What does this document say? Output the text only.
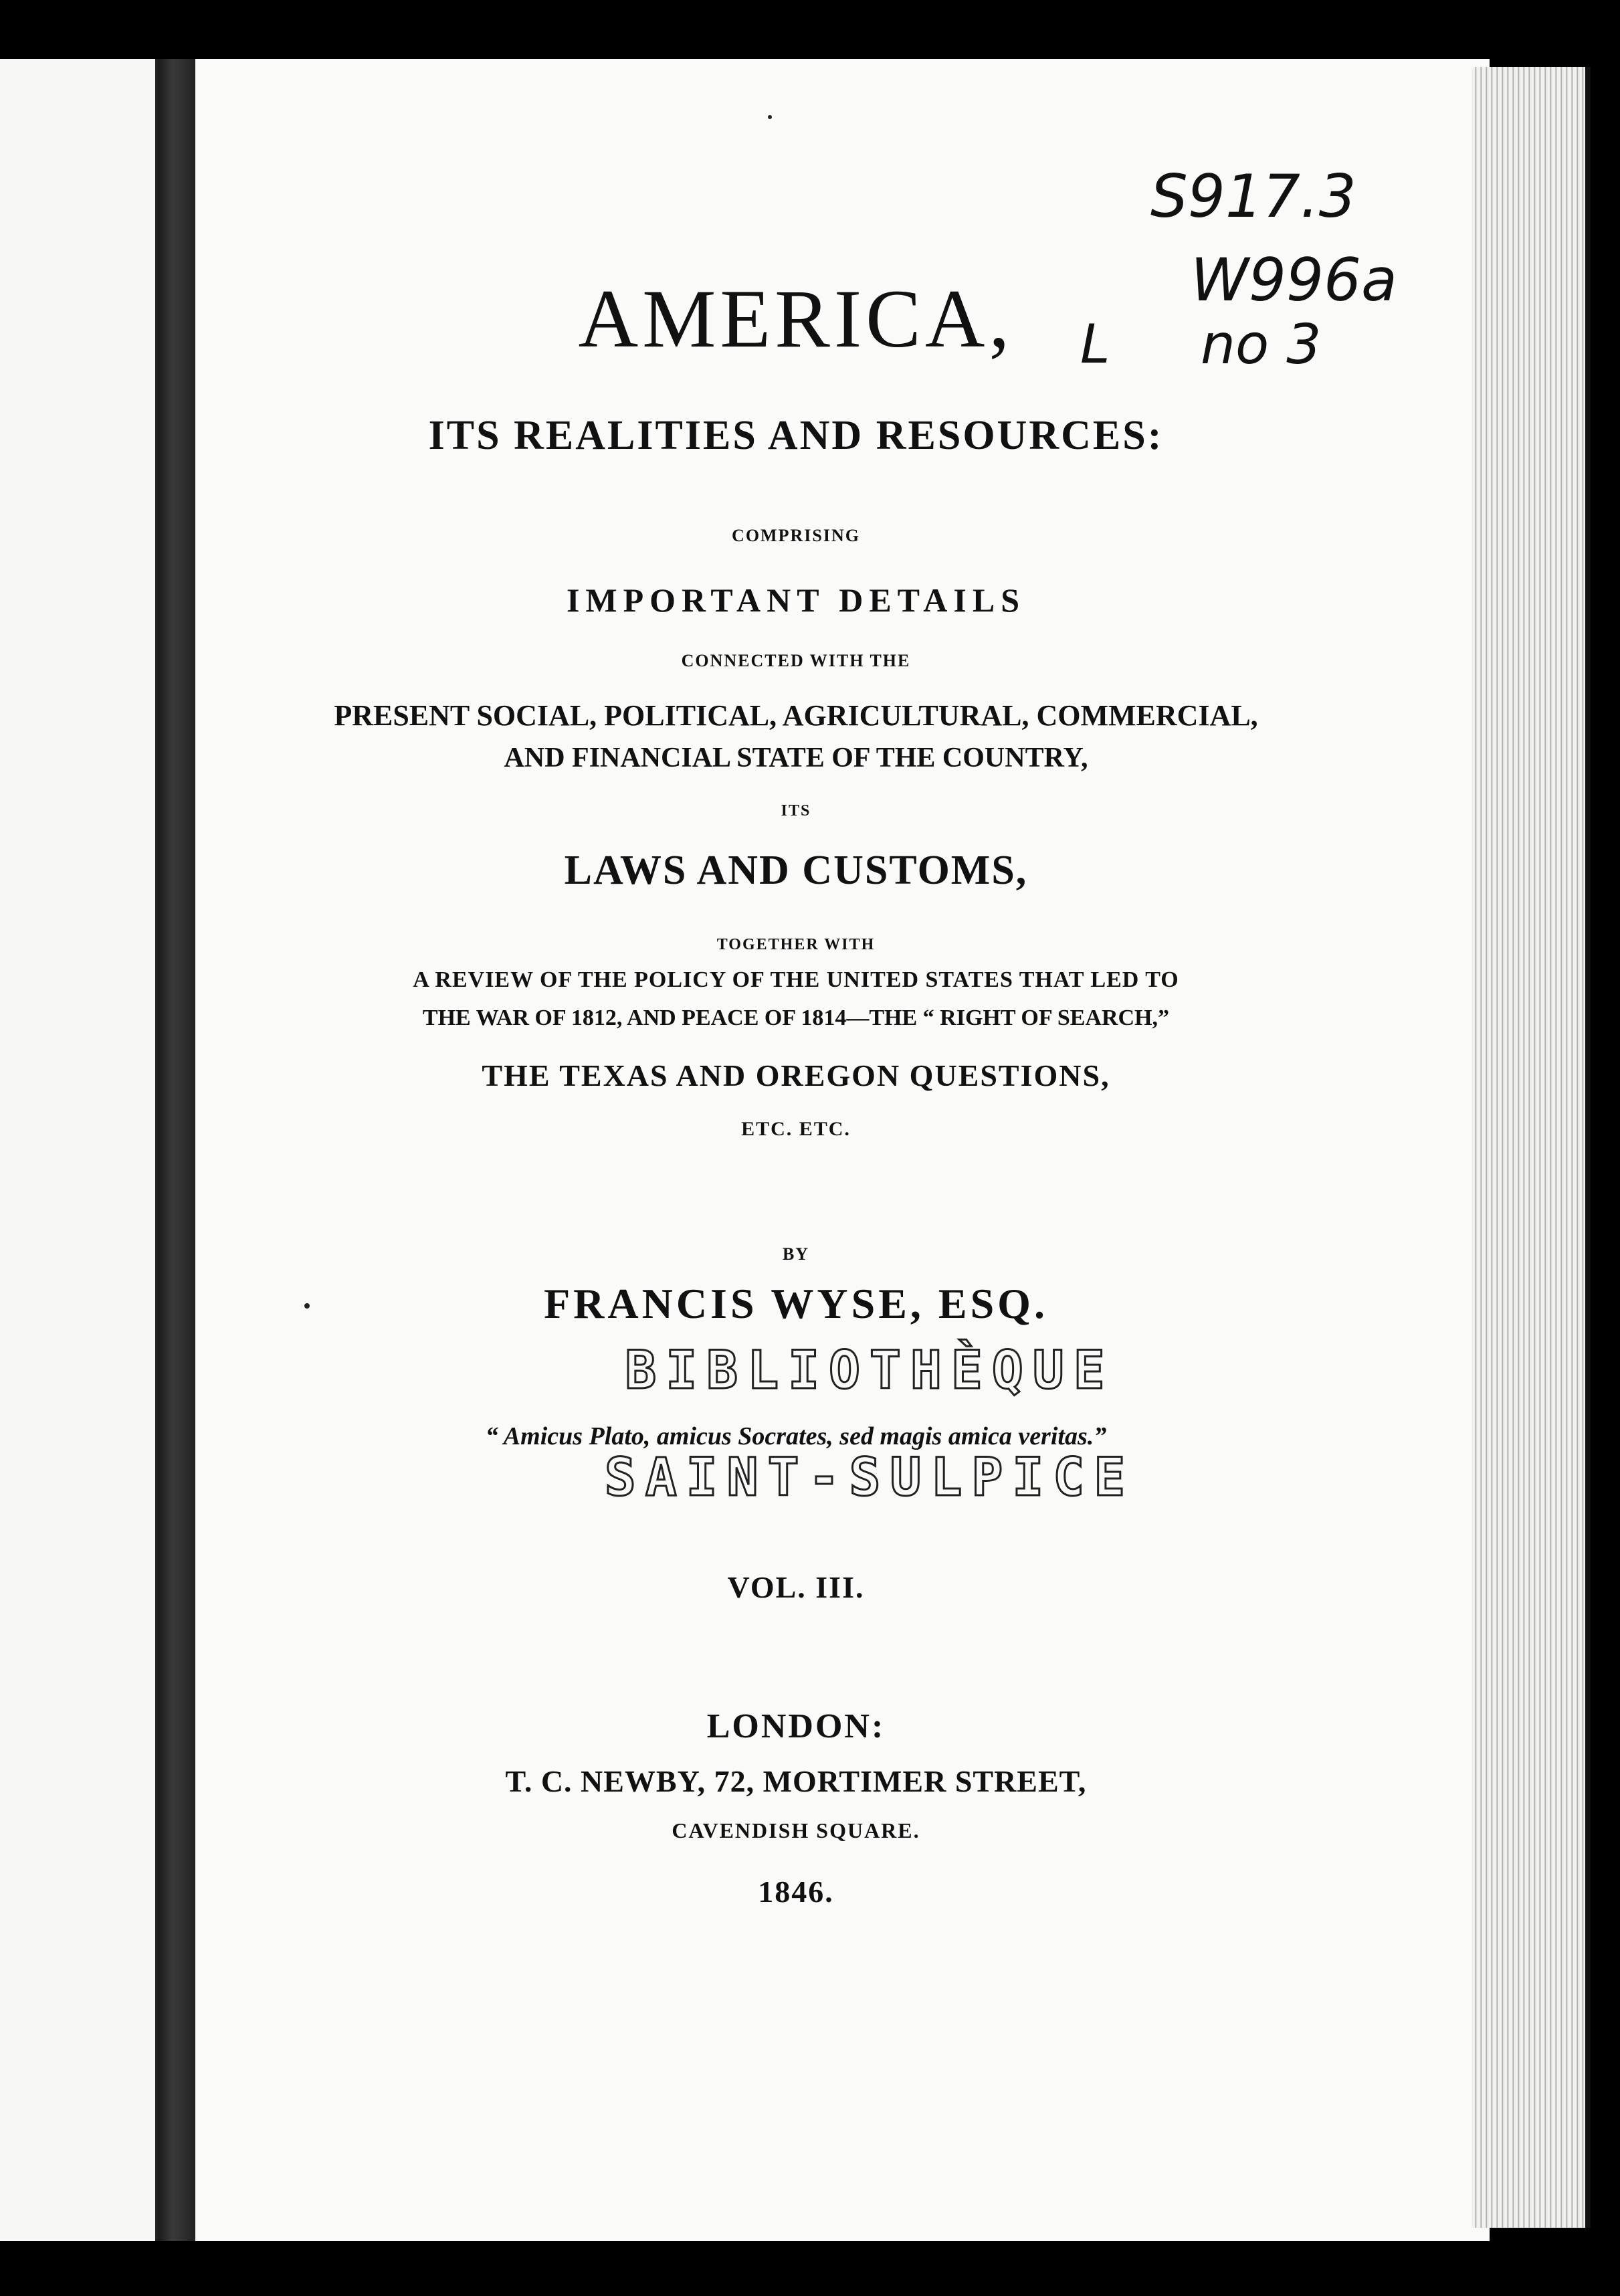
S917.3
W996a
L no 3
AMERICA,
ITS REALITIES AND RESOURCES:
COMPRISING
IMPORTANT DETAILS
CONNECTED WITH THE
PRESENT SOCIAL, POLITICAL, AGRICULTURAL, COMMERCIAL,
AND FINANCIAL STATE OF THE COUNTRY,
ITS
LAWS AND CUSTOMS,
TOGETHER WITH
A REVIEW OF THE POLICY OF THE UNITED STATES THAT LED TO
THE WAR OF 1812, AND PEACE OF 1814—THE “ RIGHT OF SEARCH,”
THE TEXAS AND OREGON QUESTIONS,
ETC. ETC.
BY
FRANCIS WYSE, ESQ.
BIBLIOTHÈQUE
SAINT-SULPICE
“ Amicus Plato, amicus Socrates, sed magis amica veritas.”
VOL. III.
LONDON:
T. C. NEWBY, 72, MORTIMER STREET,
CAVENDISH SQUARE.
1846.
